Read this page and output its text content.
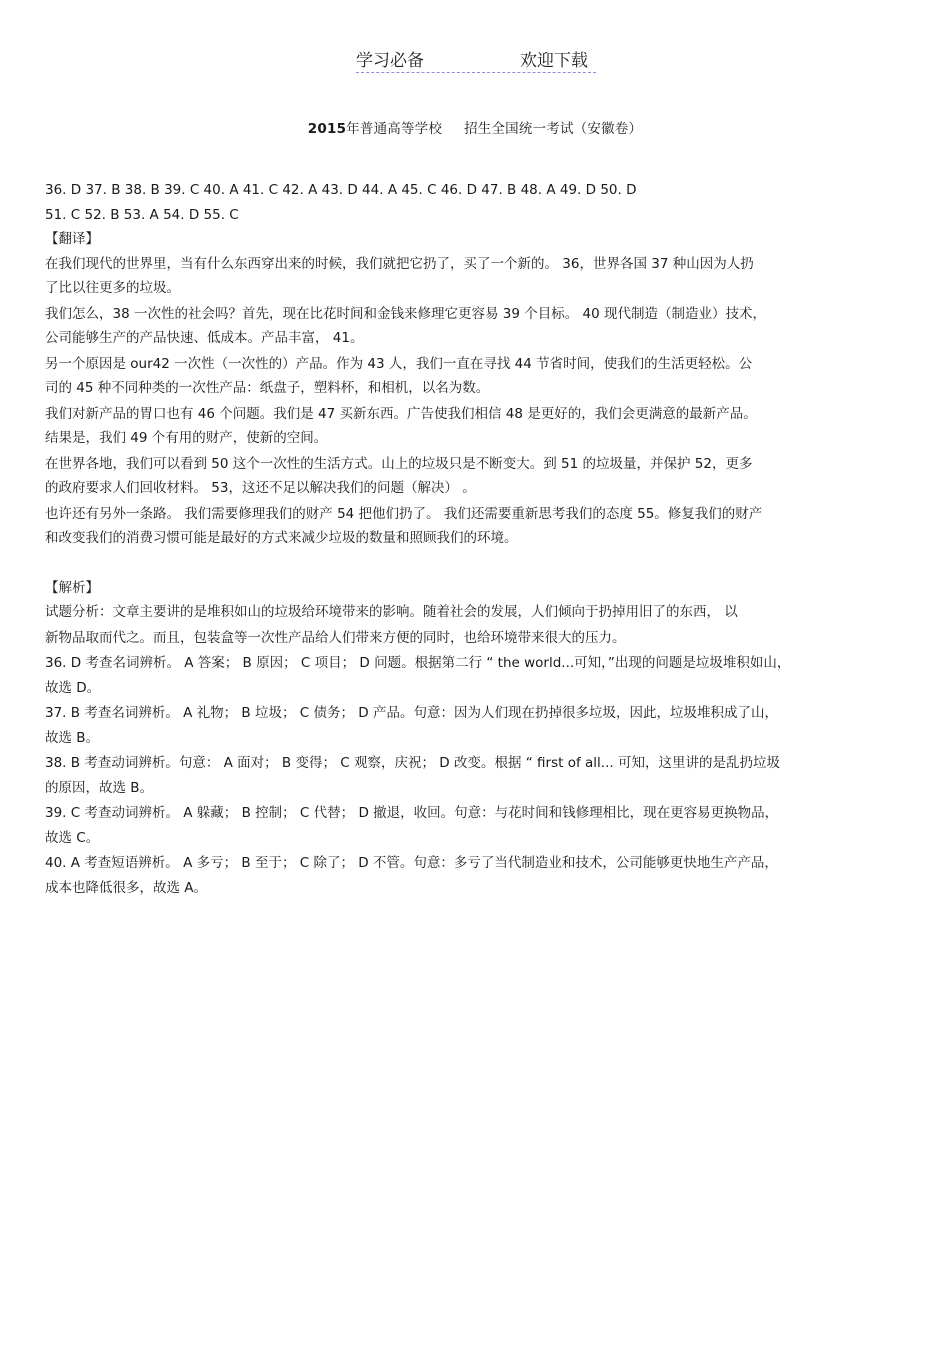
学习必备	欢迎下载
2015年普通高等学校 招生全国统一考试（安徽卷）
36. D 37. B 38. B 39. C 40. A 41. C 42. A 43. D 44. A 45. C 46. D 47. B 48. A 49. D 50. D
51. C 52. B 53. A 54. D 55. C
【翻译】
在我们现代的世界里，当有什么东西穿出来的时候，我们就把它扔了，买了一个新的。 36，世界各国 37 种山因为人扔
了比以往更多的垃圾。
我们怎么，38 一次性的社会吗？首先，现在比花时间和金钱来修理它更容易 39 个目标。 40 现代制造（制造业）技术，
公司能够生产的产品快速、低成本。产品丰富， 41。
另一个原因是 our42 一次性（一次性的）产品。作为 43 人，我们一直在寻找 44 节省时间，使我们的生活更轻松。公
司的 45 种不同种类的一次性产品：纸盘子，塑料杯，和相机，以名为数。
我们对新产品的胃口也有 46 个问题。我们是 47 买新东西。广告使我们相信 48 是更好的，我们会更满意的最新产品。
结果是，我们 49 个有用的财产，使新的空间。
在世界各地，我们可以看到 50 这个一次性的生活方式。山上的垃圾只是不断变大。到 51 的垃圾量，并保护 52，更多
的政府要求人们回收材料。 53，这还不足以解决我们的问题（解决） 。
也许还有另外一条路。 我们需要修理我们的财产 54 把他们扔了。 我们还需要重新思考我们的态度 55。修复我们的财产
和改变我们的消费习惯可能是最好的方式来减少垃圾的数量和照顾我们的环境。
【解析】
试题分析：文章主要讲的是堆积如山的垃圾给环境带来的影响。随着社会的发展，人们倾向于扔掉用旧了的东西， 以
新物品取而代之。而且，包装盒等一次性产品给人们带来方便的同时，也给环境带来很大的压力。
36. D 考查名词辨析。 A 答案； B 原因； C 项目； D 问题。根据第二行 “ the world...可知，”出现的问题是垃圾堆积如山，
故选 D。
37. B 考查名词辨析。 A 礼物； B 垃圾； C 债务； D 产品。句意：因为人们现在扔掉很多垃圾，因此，垃圾堆积成了山，
故选 B。
38. B 考查动词辨析。句意： A 面对； B 变得； C 观察，庆祝； D 改变。根据 “ first of all... 可知，这里讲的是乱扔垃圾
的原因，故选 B。
39. C 考查动词辨析。 A 躲藏； B 控制； C 代替； D 撤退，收回。句意：与花时间和钱修理相比，现在更容易更换物品，
故选 C。
40. A 考查短语辨析。 A 多亏； B 至于； C 除了； D 不管。句意：多亏了当代制造业和技术，公司能够更快地生产产品，
成本也降低很多，故选 A。
